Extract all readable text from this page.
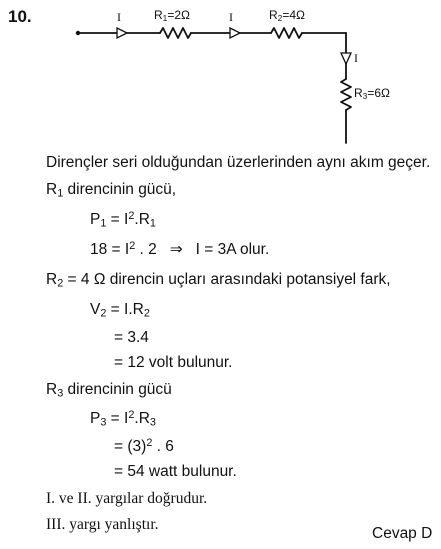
10.	I	$R_1=2\Omega$	I	$R_2=4\Omega$
I
$R_3=6\Omega$
Dirençler seri olduğundan üzerlerinden aynı akım geçer.
$R_1$ direncinin gücü,
$P_1 = I^2.R_1$
$18 = I^2$ . 2   ⇒   I = 3A olur.
$R_2 = 4$ Ω direncin uçları arasındaki potansiyel fark,
$V_2 = I.R_2$
= 3.4
= 12 volt bulunur.
$R_3$ direncinin gücü
$P_3 = I^2.R_3$
= $(3)^2$ . 6
= 54 watt bulunur.
I. ve II. yargılar doğrudur.
III. yargı yanlıştır.
Cevap D
